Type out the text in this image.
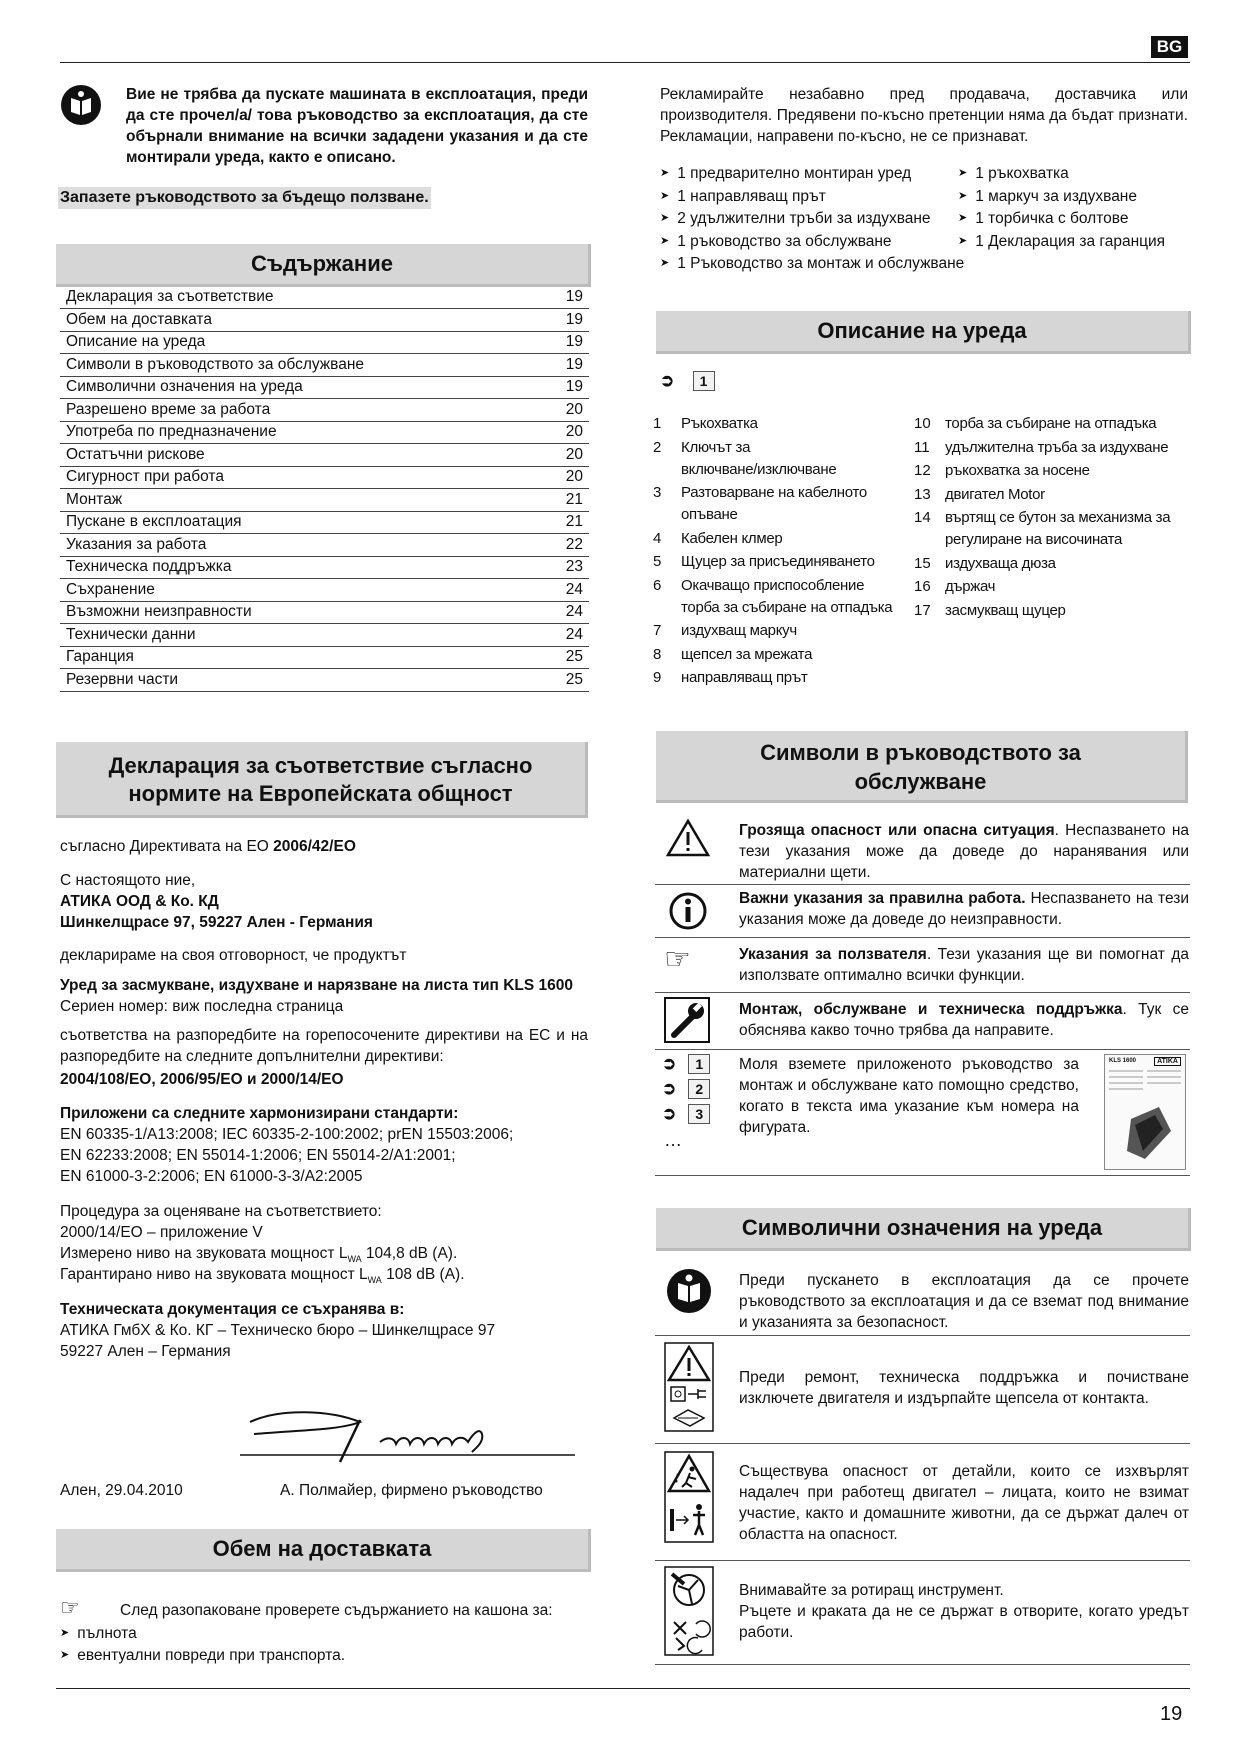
BG
Вие не трябва да пускате машината в експлоатация, преди да сте прочел/а/ това ръководство за експлоатация, да сте обърнали внимание на всички зададени указания и да сте монтирали уреда, както е описано.
Запазете ръководството за бъдещо ползване.
Съдържание
Декларация за съответствие	19
Обем на доставката	19
Описание на уреда	19
Символи в ръководството за обслужване	19
Символични означения на уреда	19
Разрешено време за работа	20
Употреба по предназначение	20
Остатъчни рискове	20
Сигурност при работа	20
Монтаж	21
Пускане в експлоатация	21
Указания за работа	22
Техническа поддръжка	23
Съхранение	24
Възможни неизправности	24
Технически данни	24
Гаранция	25
Резервни части	25
Декларация за съответствие съгласно
нормите на Европейската общност
съгласно Директивата на ЕО 2006/42/EO
С настоящото ние,
АТИКА ООД & Ко. КД
Шинкелщрасе 97, 59227 Ален - Германия
декларираме на своя отговорност, че продуктът
Уред за засмукване, издухване и нарязване на листа тип KLS 1600
Сериен номер: виж последна страница
съответства на разпоредбите на горепосочените директиви на ЕС и на разпоредбите на следните допълнителни директиви:
2004/108/EO, 2006/95/EO и 2000/14/EO
Приложени са следните хармонизирани стандарти:
EN 60335-1/A13:2008; IEC 60335-2-100:2002; prEN 15503:2006;
EN 62233:2008; EN 55014-1:2006; EN 55014-2/A1:2001;
EN 61000-3-2:2006; EN 61000-3-3/A2:2005
Процедура за оценяване на съответствието:
2000/14/EO – приложение V
Измерено ниво на звуковата мощност $L_{WA}$ 104,8 dB (A).
Гарантирано ниво на звуковата мощност $L_{WA}$ 108 dB (A).
Техническата документация се съхранява в:
АТИКА ГмбХ & Ко. КГ – Техническо бюро – Шинкелщрасе 97
59227 Ален – Германия
Ален, 29.04.2010	А. Полмайер, фирмено ръководство
Обем на доставката
☞	След разопаковане проверете съдържанието на кашона за:
➤ пълнота
➤ евентуални повреди при транспорта.
Рекламирайте незабавно пред продавача, доставчика или производителя. Предявени по-късно претенции няма да бъдат признати. Рекламации, направени по-късно, не се признават.
➤ 1 предварително монтиран уред
➤ 1 направляващ прът
➤ 2 удължителни тръби за издухване
➤ 1 ръководство за обслужване
➤ 1 Ръководство за монтаж и обслужване
➤ 1 ръкохватка
➤ 1 маркуч за издухване
➤ 1 торбичка с болтове
➤ 1 Декларация за гаранция
Описание на уреда
➲ 1
1	Ръкохватка
2	Ключът за
включване/изключване
3	Разтоварване на кабелното
опъване
4	Кабелен клмер
5	Щуцер за присъединяването
6	Окачващо приспособление
торба за събиране на отпадъка
7	издухващ маркуч
8	щепсел за мрежата
9	направляващ прът
10 торба за събиране на отпадъка
11 удължителна тръба за издухване
12 ръкохватка за носене
13 двигател Motor
14 въртящ се бутон за механизма за
регулиране на височината
15 издухваща дюза
16 държач
17 засмукващ щуцер
Символи в ръководството за
обслужване
Грозяща опасност или опасна ситуация. Неспазването на тези указания може да доведе до наранявания или материални щети.
Важни указания за правилна работа. Неспазването на тези указания може да доведе до неизправности.
☞	Указания за ползвателя. Тези указания ще ви помогнат да използвате оптимално всички функции.
Монтаж, обслужване и техническа поддръжка. Тук се обяснява какво точно трябва да направите.
➲ 1
➲ 2
➲ 3
…
Моля вземете приложеното ръководство за монтаж и обслужване като помощно средство, когато в текста има указание към номера на фигурата.
KLS 1600	ATIKA
Символични означения на уреда
Преди пускането в експлоатация да се прочете ръководството за експлоатация и да се вземат под внимание и указанията за безопасност.
Преди ремонт, техническа поддръжка и почистване изключете двигателя и издърпайте щепсела от контакта.
Съществува опасност от детайли, които се изхвърлят надалеч при работещ двигател – лицата, които не взимат участие, както и домашните животни, да се държат далеч от областта на опасност.
Внимавайте за ротиращ инструмент.
Ръцете и краката да не се държат в отворите, когато уредът работи.
19
